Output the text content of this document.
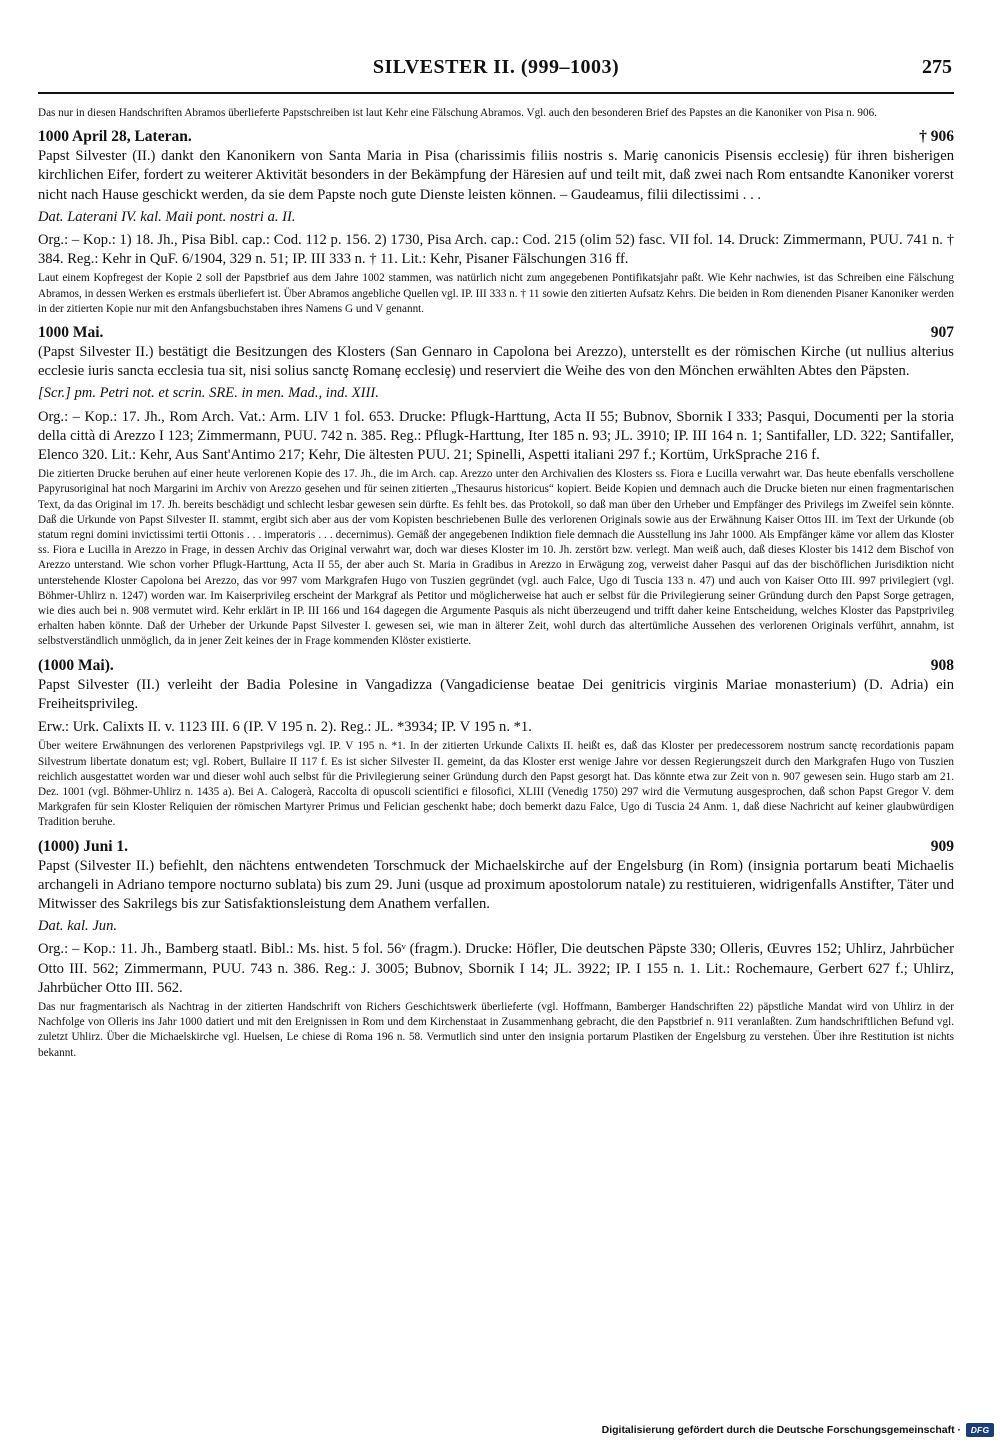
SILVESTER II. (999–1003)	275

Das nur in diesen Handschriften Abramos überlieferte Papstschreiben ist laut Kehr eine Fälschung Abramos. Vgl. auch den besonderen Brief des Papstes an die Kanoniker von Pisa n. 906.

1000 April 28, Lateran.	† 906

Papst Silvester (II.) dankt den Kanonikern von Santa Maria in Pisa (charissimis filiis nostris s. Mariȩ canonicis Pisensis ecclesiȩ) für ihren bisherigen kirchlichen Eifer, fordert zu weiterer Aktivität besonders in der Bekämpfung der Häresien auf und teilt mit, daß zwei nach Rom entsandte Kanoniker vorerst nicht nach Hause geschickt werden, da sie dem Papste noch gute Dienste leisten können. – Gaudeamus, filii dilectissimi . . .

Dat. Laterani IV. kal. Maii pont. nostri a. II.

Org.: – Kop.: 1) 18. Jh., Pisa Bibl. cap.: Cod. 112 p. 156. 2) 1730, Pisa Arch. cap.: Cod. 215 (olim 52) fasc. VII fol. 14. Druck: Zimmermann, PUU. 741 n. † 384. Reg.: Kehr in QuF. 6/1904, 329 n. 51; IP. III 333 n. † 11. Lit.: Kehr, Pisaner Fälschungen 316 ff.

Laut einem Kopfregest der Kopie 2 soll der Papstbrief aus dem Jahre 1002 stammen, was natürlich nicht zum angegebenen Pontifikatsjahr paßt. Wie Kehr nachwies, ist das Schreiben eine Fälschung Abramos, in dessen Werken es erstmals überliefert ist. Über Abramos angebliche Quellen vgl. IP. III 333 n. † 11 sowie den zitierten Aufsatz Kehrs. Die beiden in Rom dienenden Pisaner Kanoniker werden in der zitierten Kopie nur mit den Anfangsbuchstaben ihres Namens G und V genannt.

1000 Mai.	907

(Papst Silvester II.) bestätigt die Besitzungen des Klosters (San Gennaro in Capolona bei Arezzo), unterstellt es der römischen Kirche (ut nullius alterius ecclesie iuris sancta ecclesia tua sit, nisi solius sanctȩ Romanȩ ecclesiȩ) und reserviert die Weihe des von den Mönchen erwählten Abtes den Päpsten.

[Scr.] pm. Petri not. et scrin. SRE. in men. Mad., ind. XIII.

Org.: – Kop.: 17. Jh., Rom Arch. Vat.: Arm. LIV 1 fol. 653. Drucke: Pflugk-Harttung, Acta II 55; Bubnov, Sbornik I 333; Pasqui, Documenti per la storia della città di Arezzo I 123; Zimmermann, PUU. 742 n. 385. Reg.: Pflugk-Harttung, Iter 185 n. 93; JL. 3910; IP. III 164 n. 1; Santifaller, LD. 322; Santifaller, Elenco 320. Lit.: Kehr, Aus Sant'Antimo 217; Kehr, Die ältesten PUU. 21; Spinelli, Aspetti italiani 297 f.; Kortüm, UrkSprache 216 f.

Die zitierten Drucke beruhen auf einer heute verlorenen Kopie des 17. Jh., die im Arch. cap. Arezzo unter den Archivalien des Klosters ss. Fiora e Lucilla verwahrt war. Das heute ebenfalls verschollene Papyrusoriginal hat noch Margarini im Archiv von Arezzo gesehen und für seinen zitierten „Thesaurus historicus“ kopiert. Beide Kopien und demnach auch die Drucke bieten nur einen fragmentarischen Text, da das Original im 17. Jh. bereits beschädigt und schlecht lesbar gewesen sein dürfte. Es fehlt bes. das Protokoll, so daß man über den Urheber und Empfänger des Privilegs im Zweifel sein könnte. Daß die Urkunde von Papst Silvester II. stammt, ergibt sich aber aus der vom Kopisten beschriebenen Bulle des verlorenen Originals sowie aus der Erwähnung Kaiser Ottos III. im Text der Urkunde (ob statum regni domini invictissimi tertii Ottonis . . . imperatoris . . . decernimus). Gemäß der angegebenen Indiktion fiele demnach die Ausstellung ins Jahr 1000. Als Empfänger käme vor allem das Kloster ss. Fiora e Lucilla in Arezzo in Frage, in dessen Archiv das Original verwahrt war, doch war dieses Kloster im 10. Jh. zerstört bzw. verlegt. Man weiß auch, daß dieses Kloster bis 1412 dem Bischof von Arezzo unterstand. Wie schon vorher Pflugk-Harttung, Acta II 55, der aber auch St. Maria in Gradibus in Arezzo in Erwägung zog, verweist daher Pasqui auf das der bischöflichen Jurisdiktion nicht unterstehende Kloster Capolona bei Arezzo, das vor 997 vom Markgrafen Hugo von Tuszien gegründet (vgl. auch Falce, Ugo di Tuscia 133 n. 47) und auch von Kaiser Otto III. 997 privilegiert (vgl. Böhmer-Uhlirz n. 1247) worden war. Im Kaiserprivileg erscheint der Markgraf als Petitor und möglicherweise hat auch er selbst für die Privilegierung seiner Gründung durch den Papst Sorge getragen, wie dies auch bei n. 908 vermutet wird. Kehr erklärt in IP. III 166 und 164 dagegen die Argumente Pasquis als nicht überzeugend und trifft daher keine Entscheidung, welches Kloster das Papstprivileg erhalten haben könnte. Daß der Urheber der Urkunde Papst Silvester I. gewesen sei, wie man in älterer Zeit, wohl durch das altertümliche Aussehen des verlorenen Originals verführt, annahm, ist selbstverständlich unmöglich, da in jener Zeit keines der in Frage kommenden Klöster existierte.

(1000 Mai).	908

Papst Silvester (II.) verleiht der Badia Polesine in Vangadizza (Vangadiciense beatae Dei genitricis virginis Mariae monasterium) (D. Adria) ein Freiheitsprivileg.

Erw.: Urk. Calixts II. v. 1123 III. 6 (IP. V 195 n. 2). Reg.: JL. *3934; IP. V 195 n. *1.

Über weitere Erwähnungen des verlorenen Papstprivilegs vgl. IP. V 195 n. *1. In der zitierten Urkunde Calixts II. heißt es, daß das Kloster per predecessorem nostrum sanctę recordationis papam Silvestrum libertate donatum est; vgl. Robert, Bullaire II 117 f. Es ist sicher Silvester II. gemeint, da das Kloster erst wenige Jahre vor dessen Regierungszeit durch den Markgrafen Hugo von Tuszien reichlich ausgestattet worden war und dieser wohl auch selbst für die Privilegierung seiner Gründung durch den Papst gesorgt hat. Das könnte etwa zur Zeit von n. 907 gewesen sein. Hugo starb am 21. Dez. 1001 (vgl. Böhmer-Uhlirz n. 1435 a). Bei A. Calogerà, Raccolta di opuscoli scientifici e filosofici, XLIII (Venedig 1750) 297 wird die Vermutung ausgesprochen, daß schon Papst Gregor V. dem Markgrafen für sein Kloster Reliquien der römischen Martyrer Primus und Felician geschenkt habe; doch bemerkt dazu Falce, Ugo di Tuscia 24 Anm. 1, daß diese Nachricht auf keiner glaubwürdigen Tradition beruhe.

(1000) Juni 1.	909

Papst (Silvester II.) befiehlt, den nächtens entwendeten Torschmuck der Michaelskirche auf der Engelsburg (in Rom) (insignia portarum beati Michaelis archangeli in Adriano tempore nocturno sublata) bis zum 29. Juni (usque ad proximum apostolorum natale) zu restituieren, widrigenfalls Anstifter, Täter und Mitwisser des Sakrilegs bis zur Satisfaktionsleistung dem Anathem verfallen.

Dat. kal. Jun.

Org.: – Kop.: 11. Jh., Bamberg staatl. Bibl.: Ms. hist. 5 fol. 56ᵛ (fragm.). Drucke: Höfler, Die deutschen Päpste 330; Olleris, Œuvres 152; Uhlirz, Jahrbücher Otto III. 562; Zimmermann, PUU. 743 n. 386. Reg.: J. 3005; Bubnov, Sbornik I 14; JL. 3922; IP. I 155 n. 1. Lit.: Rochemaure, Gerbert 627 f.; Uhlirz, Jahrbücher Otto III. 562.

Das nur fragmentarisch als Nachtrag in der zitierten Handschrift von Richers Geschichtswerk überlieferte (vgl. Hoffmann, Bamberger Handschriften 22) päpstliche Mandat wird von Uhlirz in der Nachfolge von Olleris ins Jahr 1000 datiert und mit den Ereignissen in Rom und dem Kirchenstaat in Zusammenhang gebracht, die den Papstbrief n. 911 veranlaßten. Zum handschriftlichen Befund vgl. zuletzt Uhlirz. Über die Michaelskirche vgl. Huelsen, Le chiese di Roma 196 n. 58. Vermutlich sind unter den insignia portarum Plastiken der Engelsburg zu verstehen. Über ihre Restitution ist nichts bekannt.

Digitalisierung gefördert durch die Deutsche Forschungsgemeinschaft ·	DFG
